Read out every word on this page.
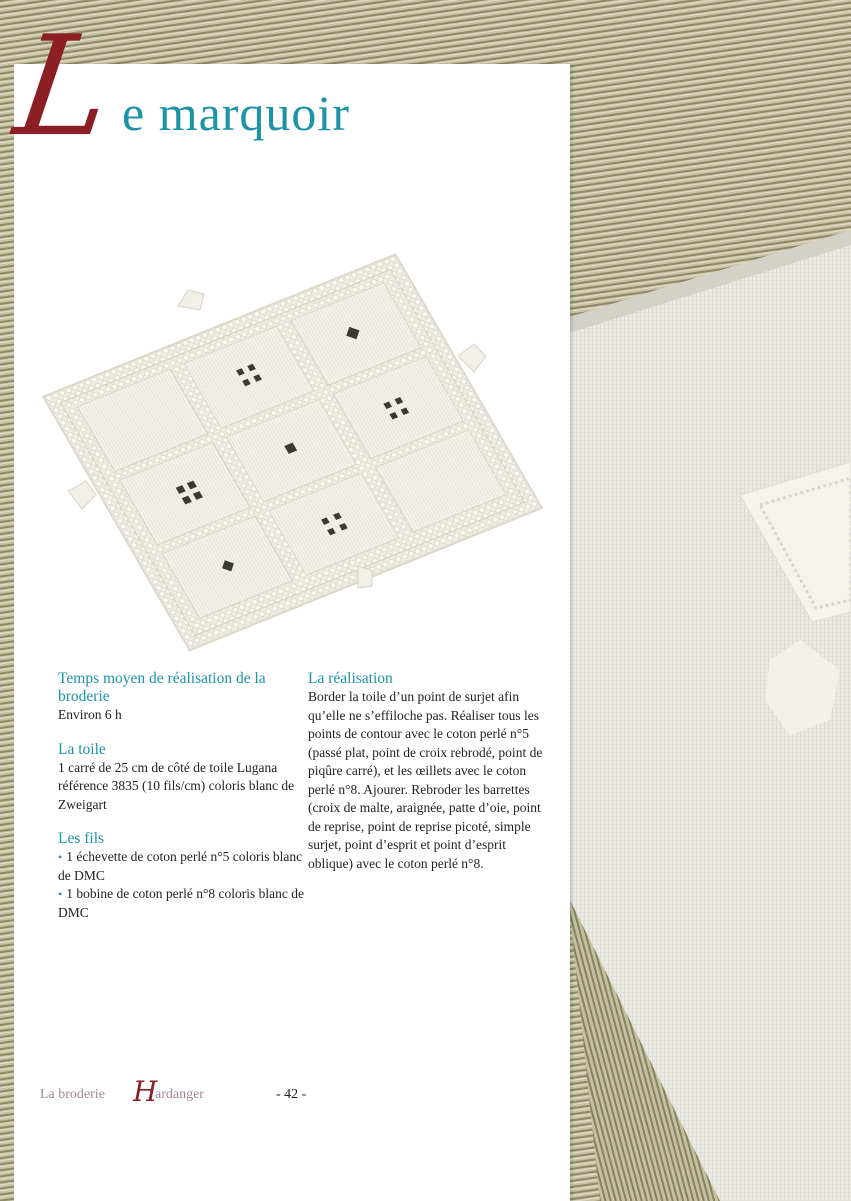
L e marquoir
Temps moyen de réalisation de la broderie

Environ 6 h

La toile

1 carré de 25 cm de côté de toile Lugana référence 3835 (10 fils/cm) coloris blanc de Zweigart

Les fils
• 1 échevette de coton perlé n°5 coloris blanc de DMC
• 1 bobine de coton perlé n°8 coloris blanc de DMC
La réalisation

Border la toile d’un point de surjet afin qu’elle ne s’effiloche pas. Réaliser tous les points de contour avec le coton perlé n°5 (passé plat, point de croix rebrodé, point de piqûre carré), et les œillets avec le coton perlé n°8. Ajourer. Rebroder les barrettes (croix de malte, araignée, patte d’oie, point de reprise, point de reprise picoté, simple surjet, point d’esprit et point d’esprit oblique) avec le coton perlé n°8.

La broderie H
ardanger	- 42 -
